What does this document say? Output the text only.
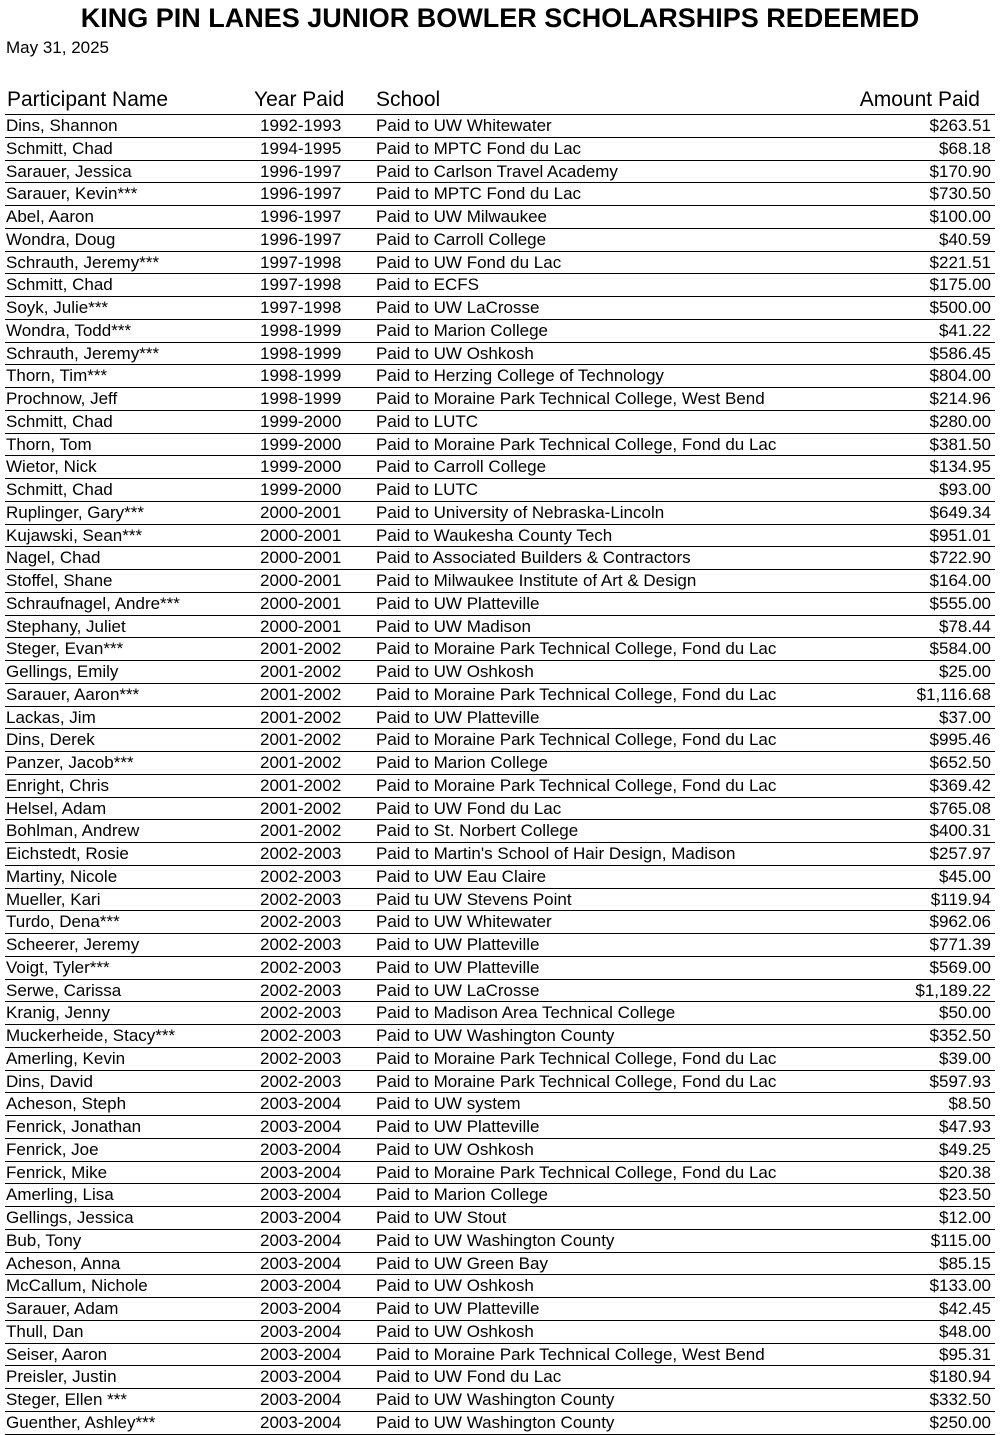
KING PIN LANES JUNIOR BOWLER SCHOLARSHIPS REDEEMED
May 31, 2025
Participant Name	Year Paid School	Amount Paid
Dins, Shannon	1992-1993 Paid to UW Whitewater	$263.51
Schmitt, Chad	1994-1995 Paid to MPTC Fond du Lac	$68.18
Sarauer, Jessica	1996-1997 Paid to Carlson Travel Academy	$170.90
Sarauer, Kevin***	1996-1997 Paid to MPTC Fond du Lac	$730.50
Abel, Aaron	1996-1997 Paid to UW Milwaukee	$100.00
Wondra, Doug	1996-1997 Paid to Carroll College	$40.59
Schrauth, Jeremy***	1997-1998 Paid to UW Fond du Lac	$221.51
Schmitt, Chad	1997-1998 Paid to ECFS	$175.00
Soyk, Julie***	1997-1998 Paid to UW LaCrosse	$500.00
Wondra, Todd***	1998-1999 Paid to Marion College	$41.22
Schrauth, Jeremy***	1998-1999 Paid to UW Oshkosh	$586.45
Thorn, Tim***	1998-1999 Paid to Herzing College of Technology	$804.00
Prochnow, Jeff	1998-1999 Paid to Moraine Park Technical College, West Bend	$214.96
Schmitt, Chad	1999-2000 Paid to LUTC	$280.00
Thorn, Tom	1999-2000 Paid to Moraine Park Technical College, Fond du Lac	$381.50
Wietor, Nick	1999-2000 Paid to Carroll College	$134.95
Schmitt, Chad	1999-2000 Paid to LUTC	$93.00
Ruplinger, Gary***	2000-2001 Paid to University of Nebraska-Lincoln	$649.34
Kujawski, Sean***	2000-2001 Paid to Waukesha County Tech	$951.01
Nagel, Chad	2000-2001 Paid to Associated Builders & Contractors	$722.90
Stoffel, Shane	2000-2001 Paid to Milwaukee Institute of Art & Design	$164.00
Schraufnagel, Andre***	2000-2001 Paid to UW Platteville	$555.00
Stephany, Juliet	2000-2001 Paid to UW Madison	$78.44
Steger, Evan***	2001-2002 Paid to Moraine Park Technical College, Fond du Lac	$584.00
Gellings, Emily	2001-2002 Paid to UW Oshkosh	$25.00
Sarauer, Aaron***	2001-2002 Paid to Moraine Park Technical College, Fond du Lac	$1,116.68
Lackas, Jim	2001-2002 Paid to UW Platteville	$37.00
Dins, Derek	2001-2002 Paid to Moraine Park Technical College, Fond du Lac	$995.46
Panzer, Jacob***	2001-2002 Paid to Marion College	$652.50
Enright, Chris	2001-2002 Paid to Moraine Park Technical College, Fond du Lac	$369.42
Helsel, Adam	2001-2002 Paid to UW Fond du Lac	$765.08
Bohlman, Andrew	2001-2002 Paid to St. Norbert College	$400.31
Eichstedt, Rosie	2002-2003 Paid to Martin's School of Hair Design, Madison	$257.97
Martiny, Nicole	2002-2003 Paid to UW Eau Claire	$45.00
Mueller, Kari	2002-2003 Paid tu UW Stevens Point	$119.94
Turdo, Dena***	2002-2003 Paid to UW Whitewater	$962.06
Scheerer, Jeremy	2002-2003 Paid to UW Platteville	$771.39
Voigt, Tyler***	2002-2003 Paid to UW Platteville	$569.00
Serwe, Carissa	2002-2003 Paid to UW LaCrosse	$1,189.22
Kranig, Jenny	2002-2003 Paid to Madison Area Technical College	$50.00
Muckerheide, Stacy***	2002-2003 Paid to UW Washington County	$352.50
Amerling, Kevin	2002-2003 Paid to Moraine Park Technical College, Fond du Lac	$39.00
Dins, David	2002-2003 Paid to Moraine Park Technical College, Fond du Lac	$597.93
Acheson, Steph	2003-2004 Paid to UW system	$8.50
Fenrick, Jonathan	2003-2004 Paid to UW Platteville	$47.93
Fenrick, Joe	2003-2004 Paid to UW Oshkosh	$49.25
Fenrick, Mike	2003-2004 Paid to Moraine Park Technical College, Fond du Lac	$20.38
Amerling, Lisa	2003-2004 Paid to Marion College	$23.50
Gellings, Jessica	2003-2004 Paid to UW Stout	$12.00
Bub, Tony	2003-2004 Paid to UW Washington County	$115.00
Acheson, Anna	2003-2004 Paid to UW Green Bay	$85.15
McCallum, Nichole	2003-2004 Paid to UW Oshkosh	$133.00
Sarauer, Adam	2003-2004 Paid to UW Platteville	$42.45
Thull, Dan	2003-2004 Paid to UW Oshkosh	$48.00
Seiser, Aaron	2003-2004 Paid to Moraine Park Technical College, West Bend	$95.31
Preisler, Justin	2003-2004 Paid to UW Fond du Lac	$180.94
Steger, Ellen ***	2003-2004 Paid to UW Washington County	$332.50
Guenther, Ashley***	2003-2004 Paid to UW Washington County	$250.00
